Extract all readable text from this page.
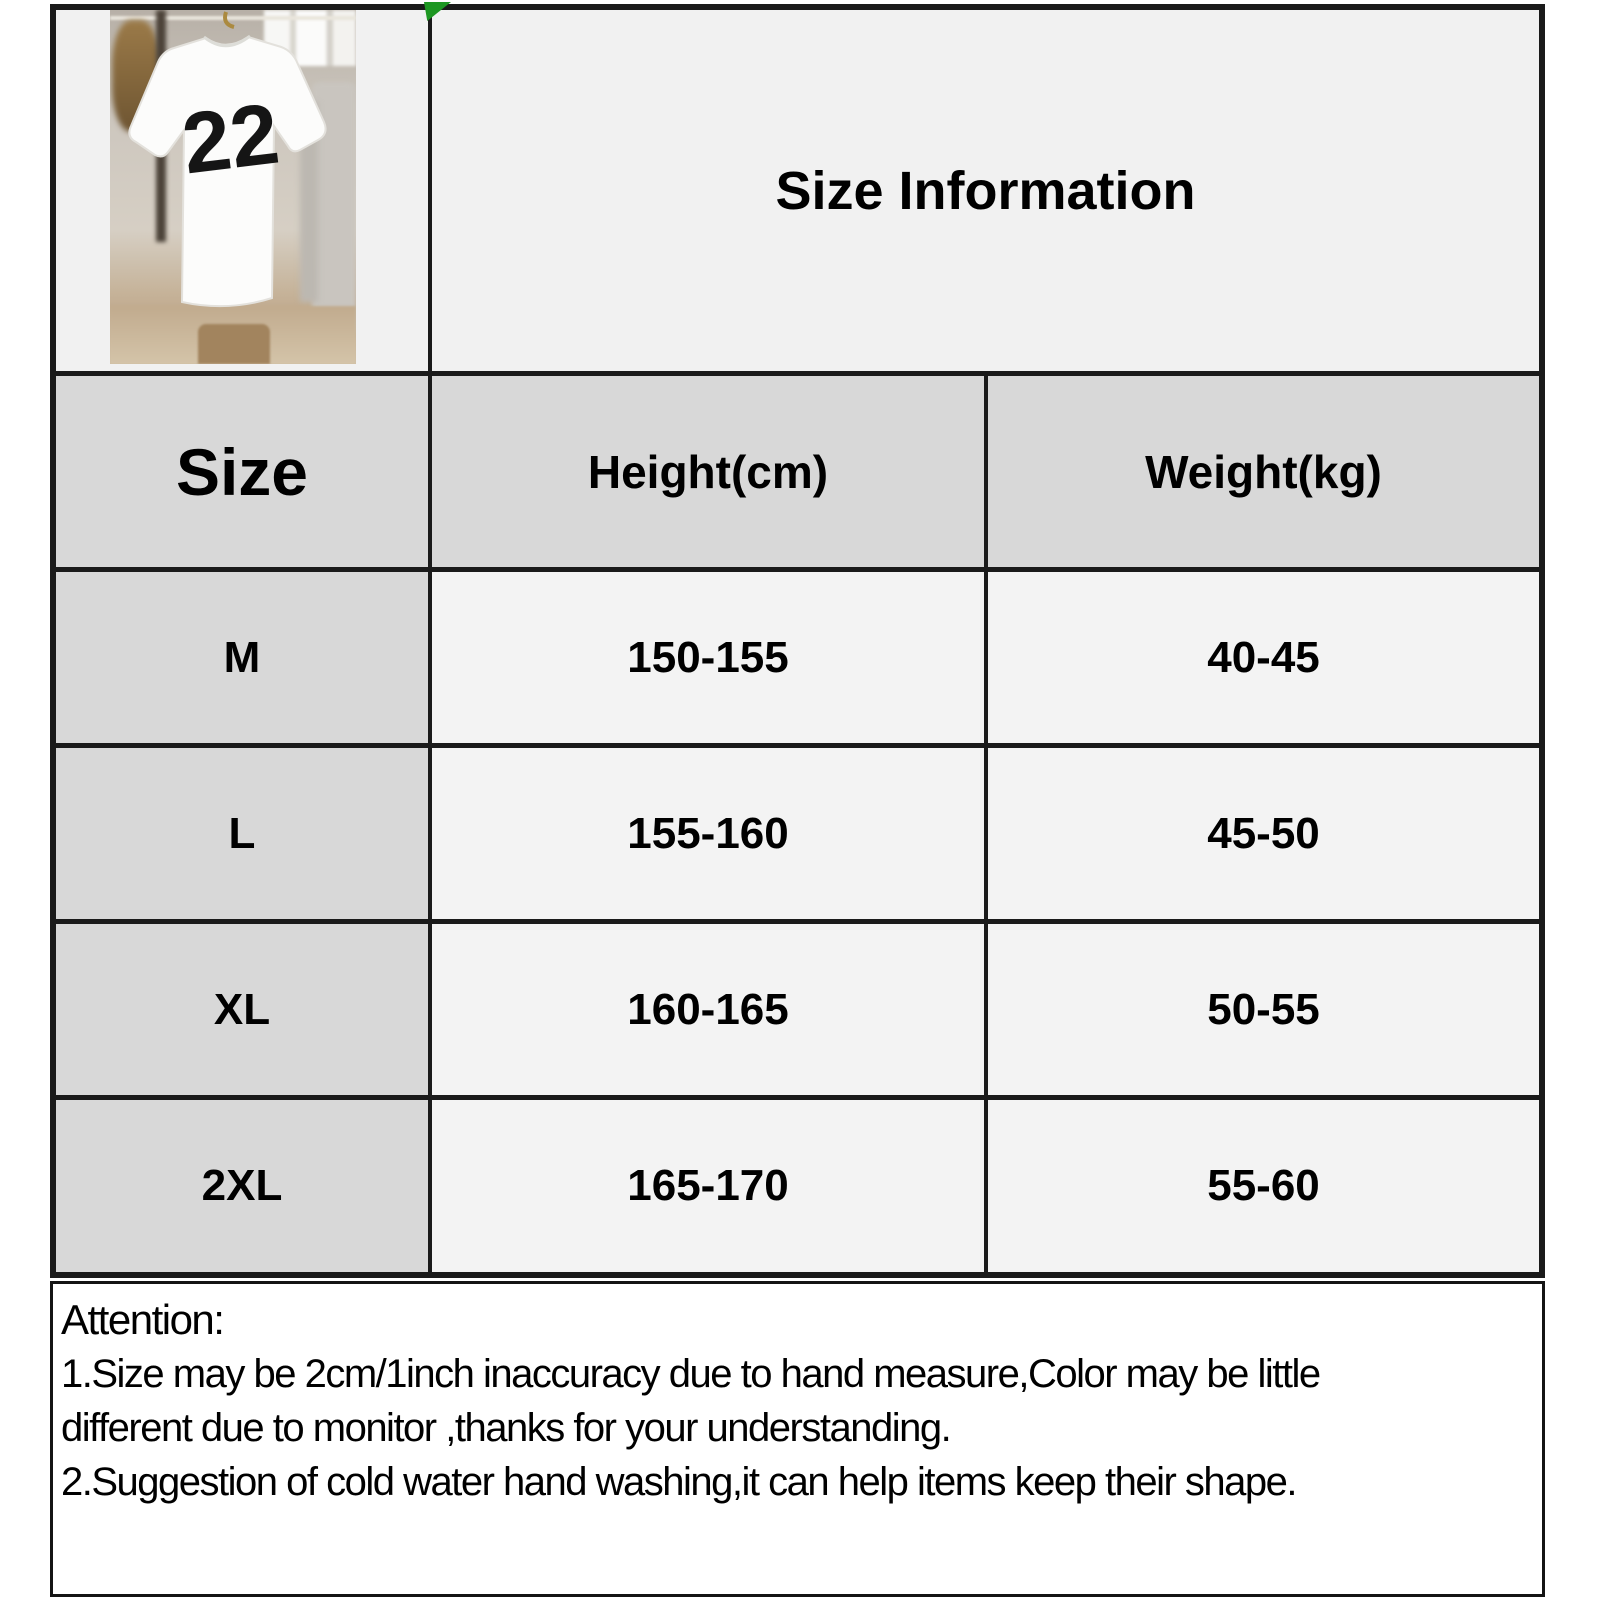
22	Size Information
Size	Height(cm)	Weight(kg)
M	150-155	40-45
L	155-160	45-50
XL	160-165	50-55
2XL	165-170	55-60
Attention:
1.Size may be 2cm/1inch inaccuracy due to hand measure,Color may be little
different due to monitor ,thanks for your understanding.
2.Suggestion of cold water hand washing,it can help items keep their shape.
